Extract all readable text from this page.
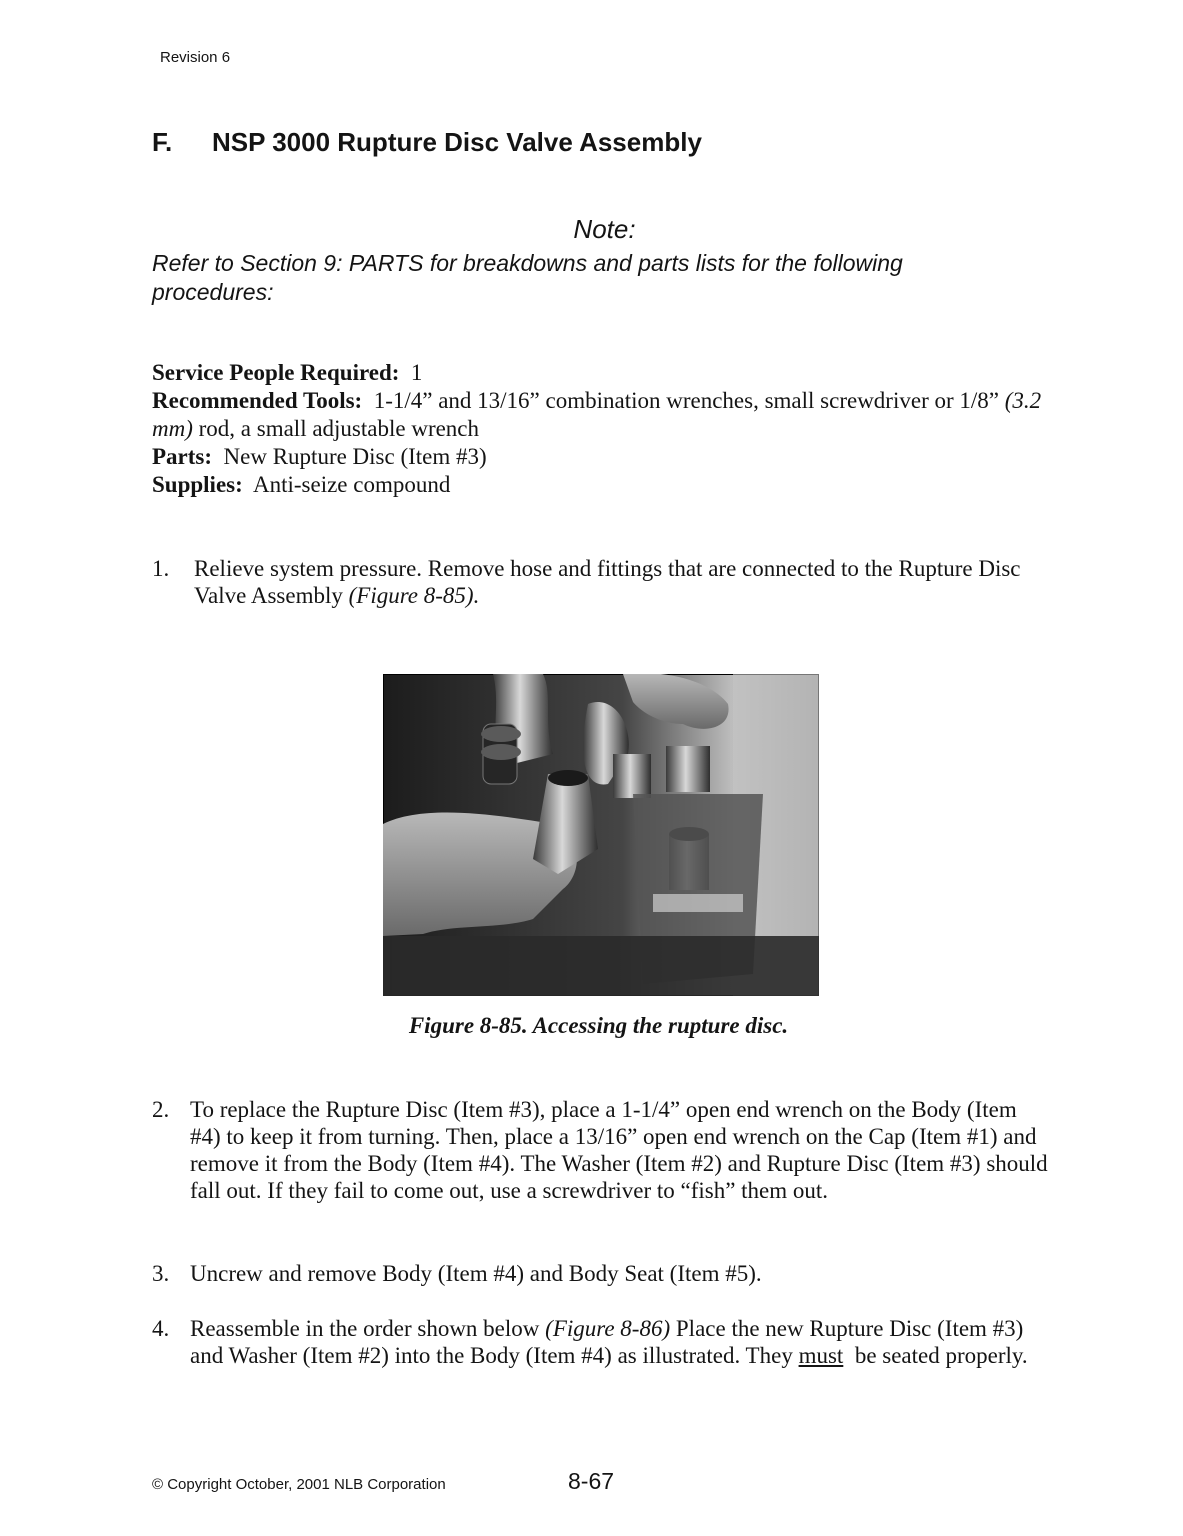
Revision 6
F. NSP 3000 Rupture Disc Valve Assembly
Note:
Refer to Section 9: PARTS for breakdowns and parts lists for the following procedures:
Service People Required: 1
Recommended Tools: 1-1/4” and 13/16” combination wrenches, small screwdriver or 1/8” (3.2 mm) rod, a small adjustable wrench
Parts: New Rupture Disc (Item #3)
Supplies: Anti-seize compound
1. Relieve system pressure. Remove hose and fittings that are connected to the Rupture Disc Valve Assembly (Figure 8-85).
Figure 8-85. Accessing the rupture disc.
2. To replace the Rupture Disc (Item #3), place a 1-1/4” open end wrench on the Body (Item #4) to keep it from turning. Then, place a 13/16” open end wrench on the Cap (Item #1) and remove it from the Body (Item #4). The Washer (Item #2) and Rupture Disc (Item #3) should fall out. If they fail to come out, use a screwdriver to “fish” them out.
3. Uncrew and remove Body (Item #4) and Body Seat (Item #5).
4. Reassemble in the order shown below (Figure 8-86) Place the new Rupture Disc (Item #3) and Washer (Item #2) into the Body (Item #4) as illustrated. They must be seated properly.
© Copyright October, 2001 NLB Corporation	8-67
